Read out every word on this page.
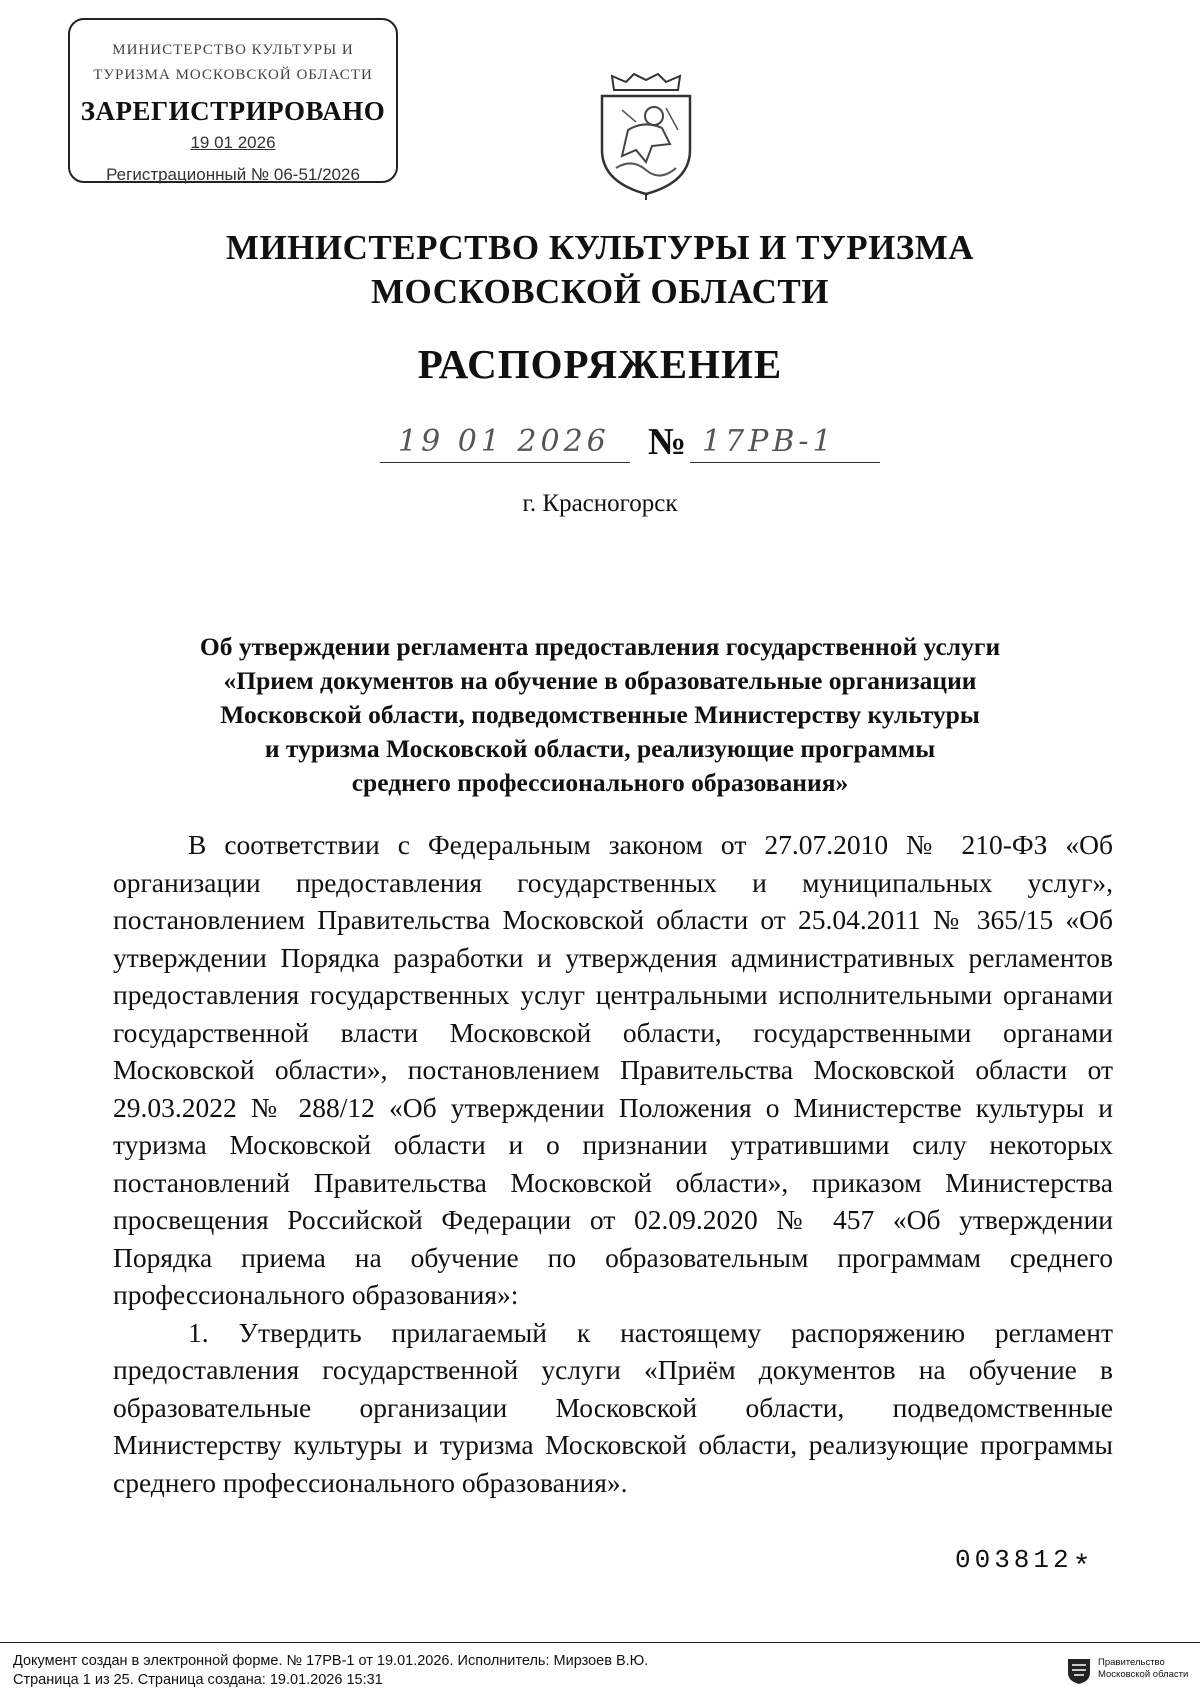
МИНИСТЕРСТВО КУЛЬТУРЫ И
ТУРИЗМА МОСКОВСКОЙ ОБЛАСТИ
ЗАРЕГИСТРИРОВАНО
19 01 2026
Регистрационный № 06-51/2026
МИНИСТЕРСТВО КУЛЬТУРЫ И ТУРИЗМА
МОСКОВСКОЙ ОБЛАСТИ
РАСПОРЯЖЕНИЕ
19 01 2026 № 17РВ-1
г. Красногорск
Об утверждении регламента предоставления государственной услуги
«Прием документов на обучение в образовательные организации
Московской области, подведомственные Министерству культуры
и туризма Московской области, реализующие программы
среднего профессионального образования»

В соответствии с Федеральным законом от 27.07.2010 № 210-ФЗ «Об организации предоставления государственных и муниципальных услуг», постановлением Правительства Московской области от 25.04.2011 № 365/15 «Об утверждении Порядка разработки и утверждения административных регламентов предоставления государственных услуг центральными исполнительными органами государственной власти Московской области, государственными органами Московской области», постановлением Правительства Московской области от 29.03.2022 № 288/12 «Об утверждении Положения о Министерстве культуры и туризма Московской области и о признании утратившими силу некоторых постановлений Правительства Московской области», приказом Министерства просвещения Российской Федерации от 02.09.2020 № 457 «Об утверждении Порядка приема на обучение по образовательным программам среднего профессионального образования»:

1. Утвердить прилагаемый к настоящему распоряжению регламент предоставления государственной услуги «Приём документов на обучение в образовательные организации Московской области, подведомственные Министерству культуры и туризма Московской области, реализующие программы среднего профессионального образования».

003812*
Документ создан в электронной форме. № 17РВ-1 от 19.01.2026. Исполнитель: Мирзоев В.Ю.
Страница 1 из 25. Страница создана: 19.01.2026 15:31
Правительство
Московской области
